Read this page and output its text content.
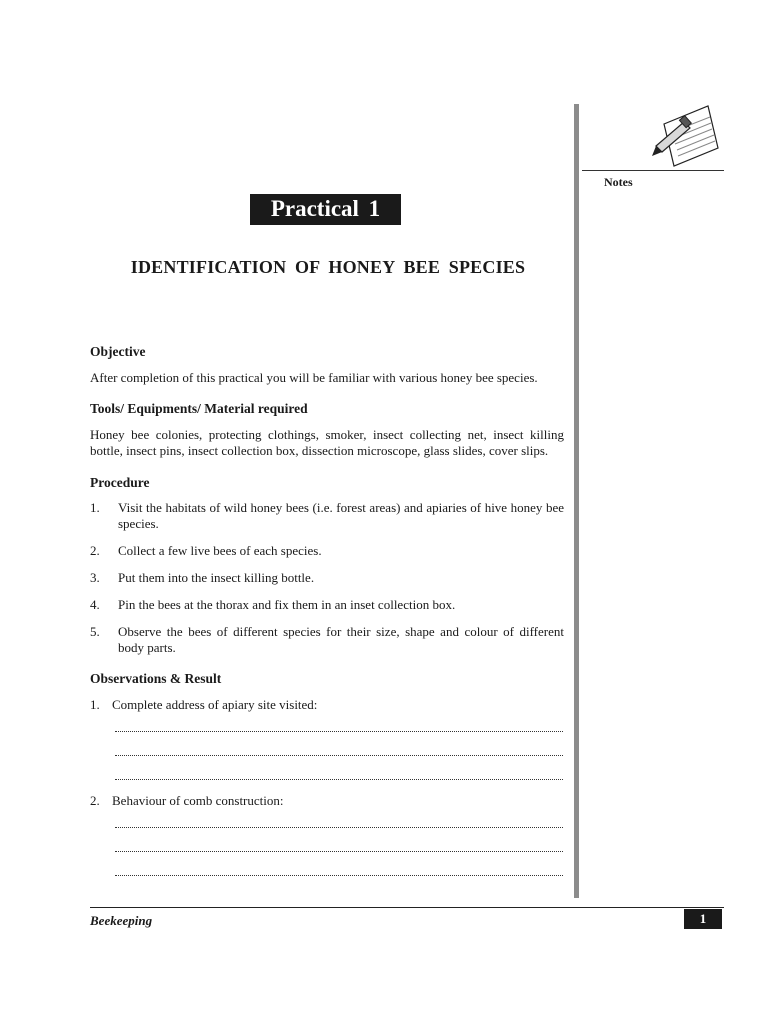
Notes
Practical 1
IDENTIFICATION OF HONEY BEE SPECIES
Objective
After completion of this practical you will be familiar with various honey bee species.
Tools/ Equipments/ Material required
Honey bee colonies, protecting clothings, smoker, insect collecting net, insect killing bottle, insect pins, insect collection box, dissection microscope, glass slides, cover slips.
Procedure
1. Visit the habitats of wild honey bees (i.e. forest areas) and apiaries of hive honey bee species.
2. Collect a few live bees of each species.
3. Put them into the insect killing bottle.
4. Pin the bees at the thorax and fix them in an inset collection box.
5. Observe the bees of different species for their size, shape and colour of different body parts.
Observations & Result
1. Complete address of apiary site visited:
2. Behaviour of comb construction:
Beekeeping	1
